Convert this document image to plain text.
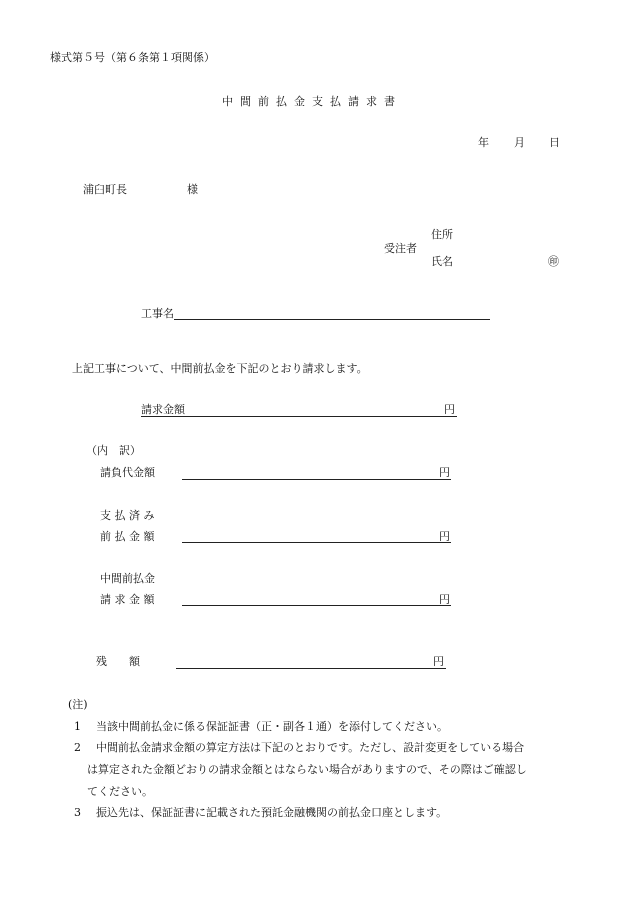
様式第５号（第６条第１項関係）
中間前払金支払請求書
年 月 日
浦臼町長	様
住所
受注者
氏名	㊞
工事名
上記工事について、中間前払金を下記のとおり請求します。
請求金額	円
（内　訳）
請負代金額	円
支 払 済 み
前 払 金 額	円
中間前払金
請 求 金 額	円
残　　額	円
(注)
1 当該中間前払金に係る保証証書（正・副各１通）を添付してください。
2 中間前払金請求金額の算定方法は下記のとおりです。ただし、設計変更をしている場合
は算定された金額どおりの請求金額とはならない場合がありますので、その際はご確認し
てください。
3 振込先は、保証証書に記載された預託金融機関の前払金口座とします。
